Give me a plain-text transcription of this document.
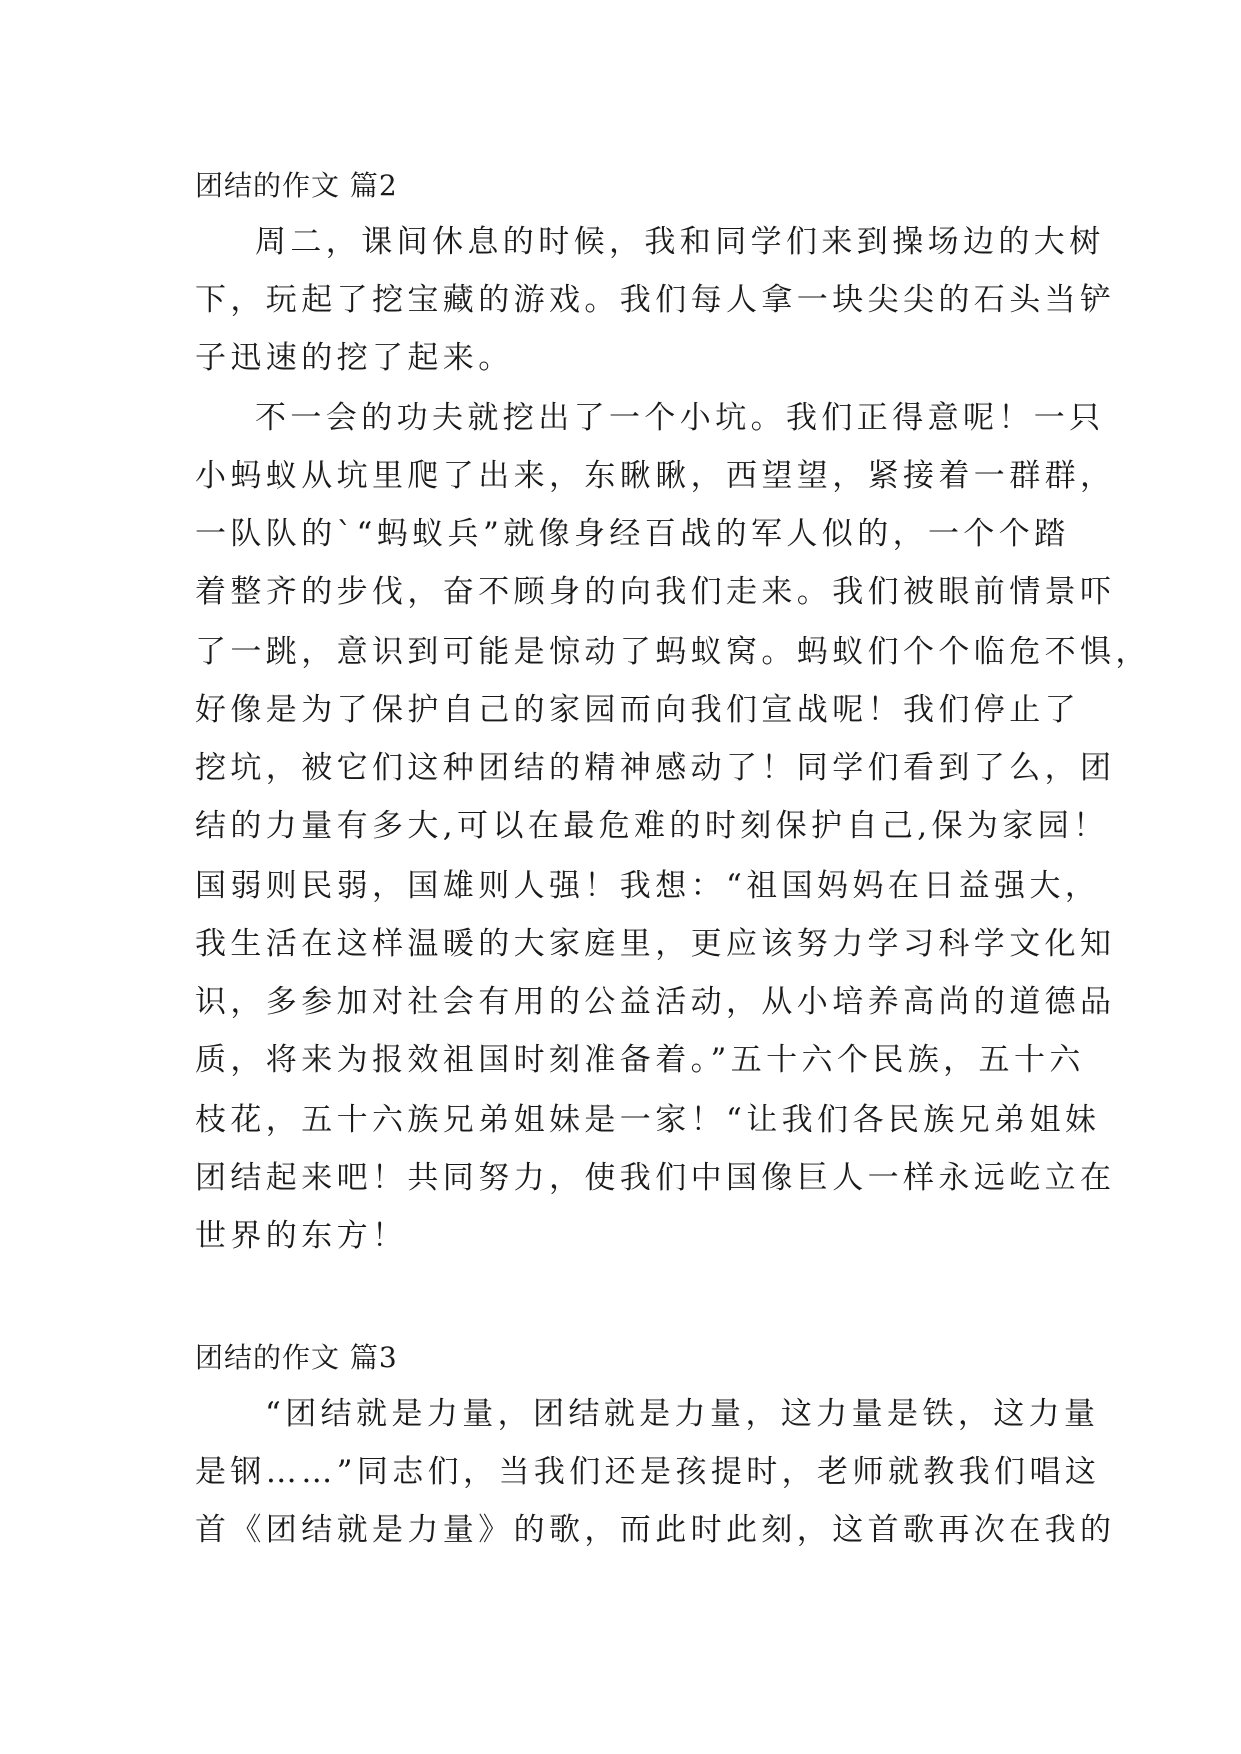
团结的作文 篇2
周二，课间休息的时候，我和同学们来到操场边的大树
下，玩起了挖宝藏的游戏。我们每人拿一块尖尖的石头当铲
子迅速的挖了起来。
不一会的功夫就挖出了一个小坑。我们正得意呢！一只
小蚂蚁从坑里爬了出来，东瞅瞅，西望望，紧接着一群群，
一队队的`“蚂蚁兵”就像身经百战的军人似的，一个个踏
着整齐的步伐，奋不顾身的向我们走来。我们被眼前情景吓
了一跳，意识到可能是惊动了蚂蚁窝。蚂蚁们个个临危不惧，
好像是为了保护自己的家园而向我们宣战呢！我们停止了
挖坑，被它们这种团结的精神感动了！同学们看到了么，团
结的力量有多大,可以在最危难的时刻保护自己,保为家园！
国弱则民弱，国雄则人强！我想：“祖国妈妈在日益强大，
我生活在这样温暖的大家庭里，更应该努力学习科学文化知
识，多参加对社会有用的公益活动，从小培养高尚的道德品
质，将来为报效祖国时刻准备着。”五十六个民族，五十六
枝花，五十六族兄弟姐妹是一家！“让我们各民族兄弟姐妹
团结起来吧！共同努力，使我们中国像巨人一样永远屹立在
世界的东方！
团结的作文 篇3
“团结就是力量，团结就是力量，这力量是铁，这力量
是钢……”同志们，当我们还是孩提时，老师就教我们唱这
首《团结就是力量》的歌，而此时此刻，这首歌再次在我的
